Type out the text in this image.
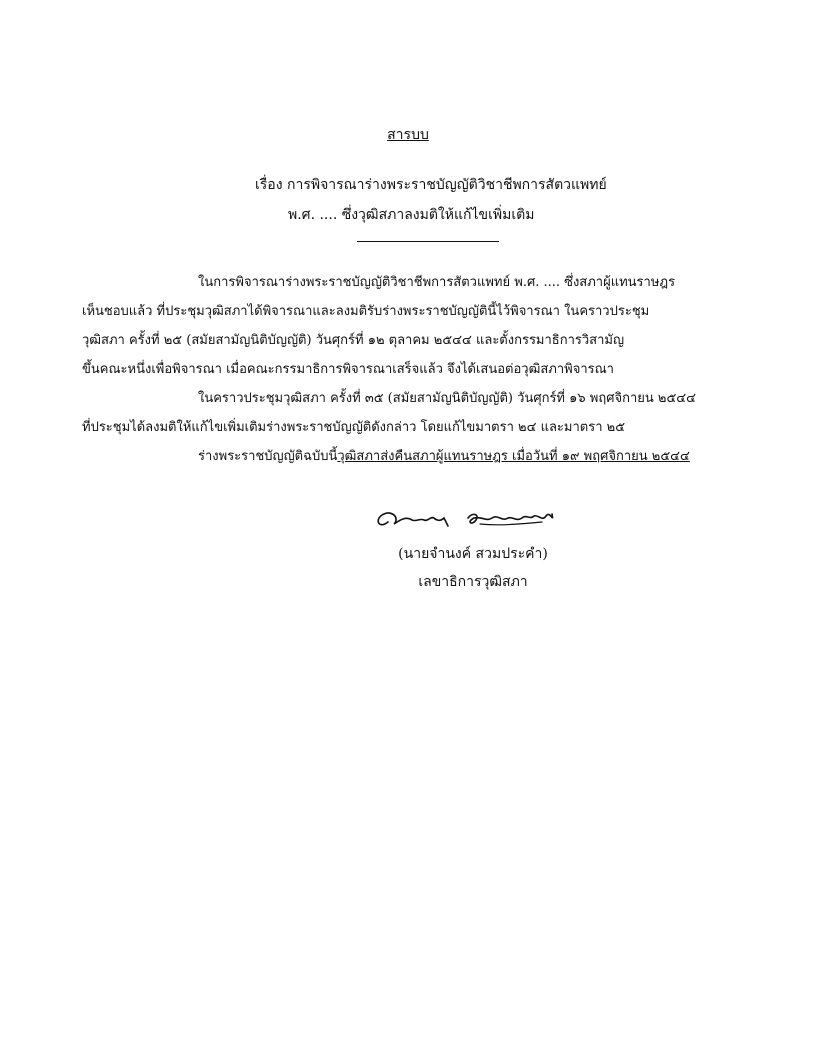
สารบบ
เรื่อง การพิจารณาร่างพระราชบัญญัติวิชาชีพการสัตวแพทย์
พ.ศ. .... ซึ่งวุฒิสภาลงมติให้แก้ไขเพิ่มเติม
ในการพิจารณาร่างพระราชบัญญัติวิชาชีพการสัตวแพทย์ พ.ศ. .... ซึ่งสภาผู้แทนราษฎร
เห็นชอบแล้ว ที่ประชุมวุฒิสภาได้พิจารณาและลงมติรับร่างพระราชบัญญัตินี้ไว้พิจารณา ในคราวประชุม
วุฒิสภา ครั้งที่ ๒๕ (สมัยสามัญนิติบัญญัติ) วันศุกร์ที่ ๑๒ ตุลาคม ๒๕๔๔ และตั้งกรรมาธิการวิสามัญ
ขึ้นคณะหนึ่งเพื่อพิจารณา เมื่อคณะกรรมาธิการพิจารณาเสร็จแล้ว จึงได้เสนอต่อวุฒิสภาพิจารณา
ในคราวประชุมวุฒิสภา ครั้งที่ ๓๕ (สมัยสามัญนิติบัญญัติ) วันศุกร์ที่ ๑๖ พฤศจิกายน ๒๕๔๔
ที่ประชุมได้ลงมติให้แก้ไขเพิ่มเติมร่างพระราชบัญญัติดังกล่าว โดยแก้ไขมาตรา ๒๔ และมาตรา ๒๕
ร่างพระราชบัญญัติฉบับนี้วุฒิสภาส่งคืนสภาผู้แทนราษฎร เมื่อวันที่ ๑๙ พฤศจิกายน ๒๕๔๔
(นายจำนงค์ สวมประคำ)
เลขาธิการวุฒิสภา
